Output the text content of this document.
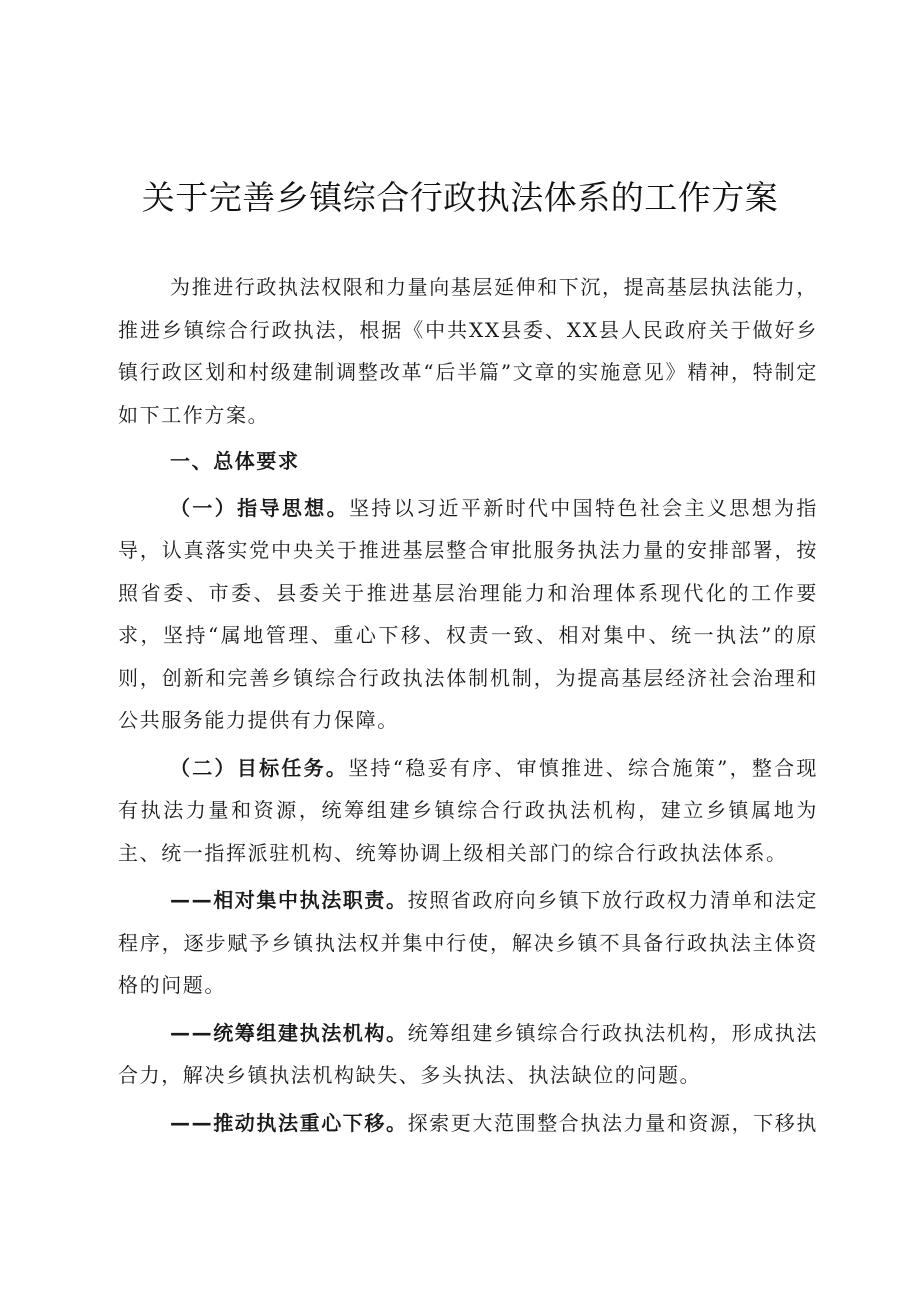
关于完善乡镇综合行政执法体系的工作方案

为推进行政执法权限和力量向基层延伸和下沉，提高基层执法能力，推进乡镇综合行政执法，根据《中共XX县委、XX县人民政府关于做好乡镇行政区划和村级建制调整改革“后半篇”文章的实施意见》精神，特制定如下工作方案。

一、总体要求

（一）指导思想。坚持以习近平新时代中国特色社会主义思想为指导，认真落实党中央关于推进基层整合审批服务执法力量的安排部署，按照省委、市委、县委关于推进基层治理能力和治理体系现代化的工作要求，坚持“属地管理、重心下移、权责一致、相对集中、统一执法”的原则，创新和完善乡镇综合行政执法体制机制，为提高基层经济社会治理和公共服务能力提供有力保障。

（二）目标任务。坚持“稳妥有序、审慎推进、综合施策”，整合现有执法力量和资源，统筹组建乡镇综合行政执法机构，建立乡镇属地为主、统一指挥派驻机构、统筹协调上级相关部门的综合行政执法体系。

——相对集中执法职责。按照省政府向乡镇下放行政权力清单和法定程序，逐步赋予乡镇执法权并集中行使，解决乡镇不具备行政执法主体资格的问题。

——统筹组建执法机构。统筹组建乡镇综合行政执法机构，形成执法合力，解决乡镇执法机构缺失、多头执法、执法缺位的问题。

——推动执法重心下移。探索更大范围整合执法力量和资源，下移执
